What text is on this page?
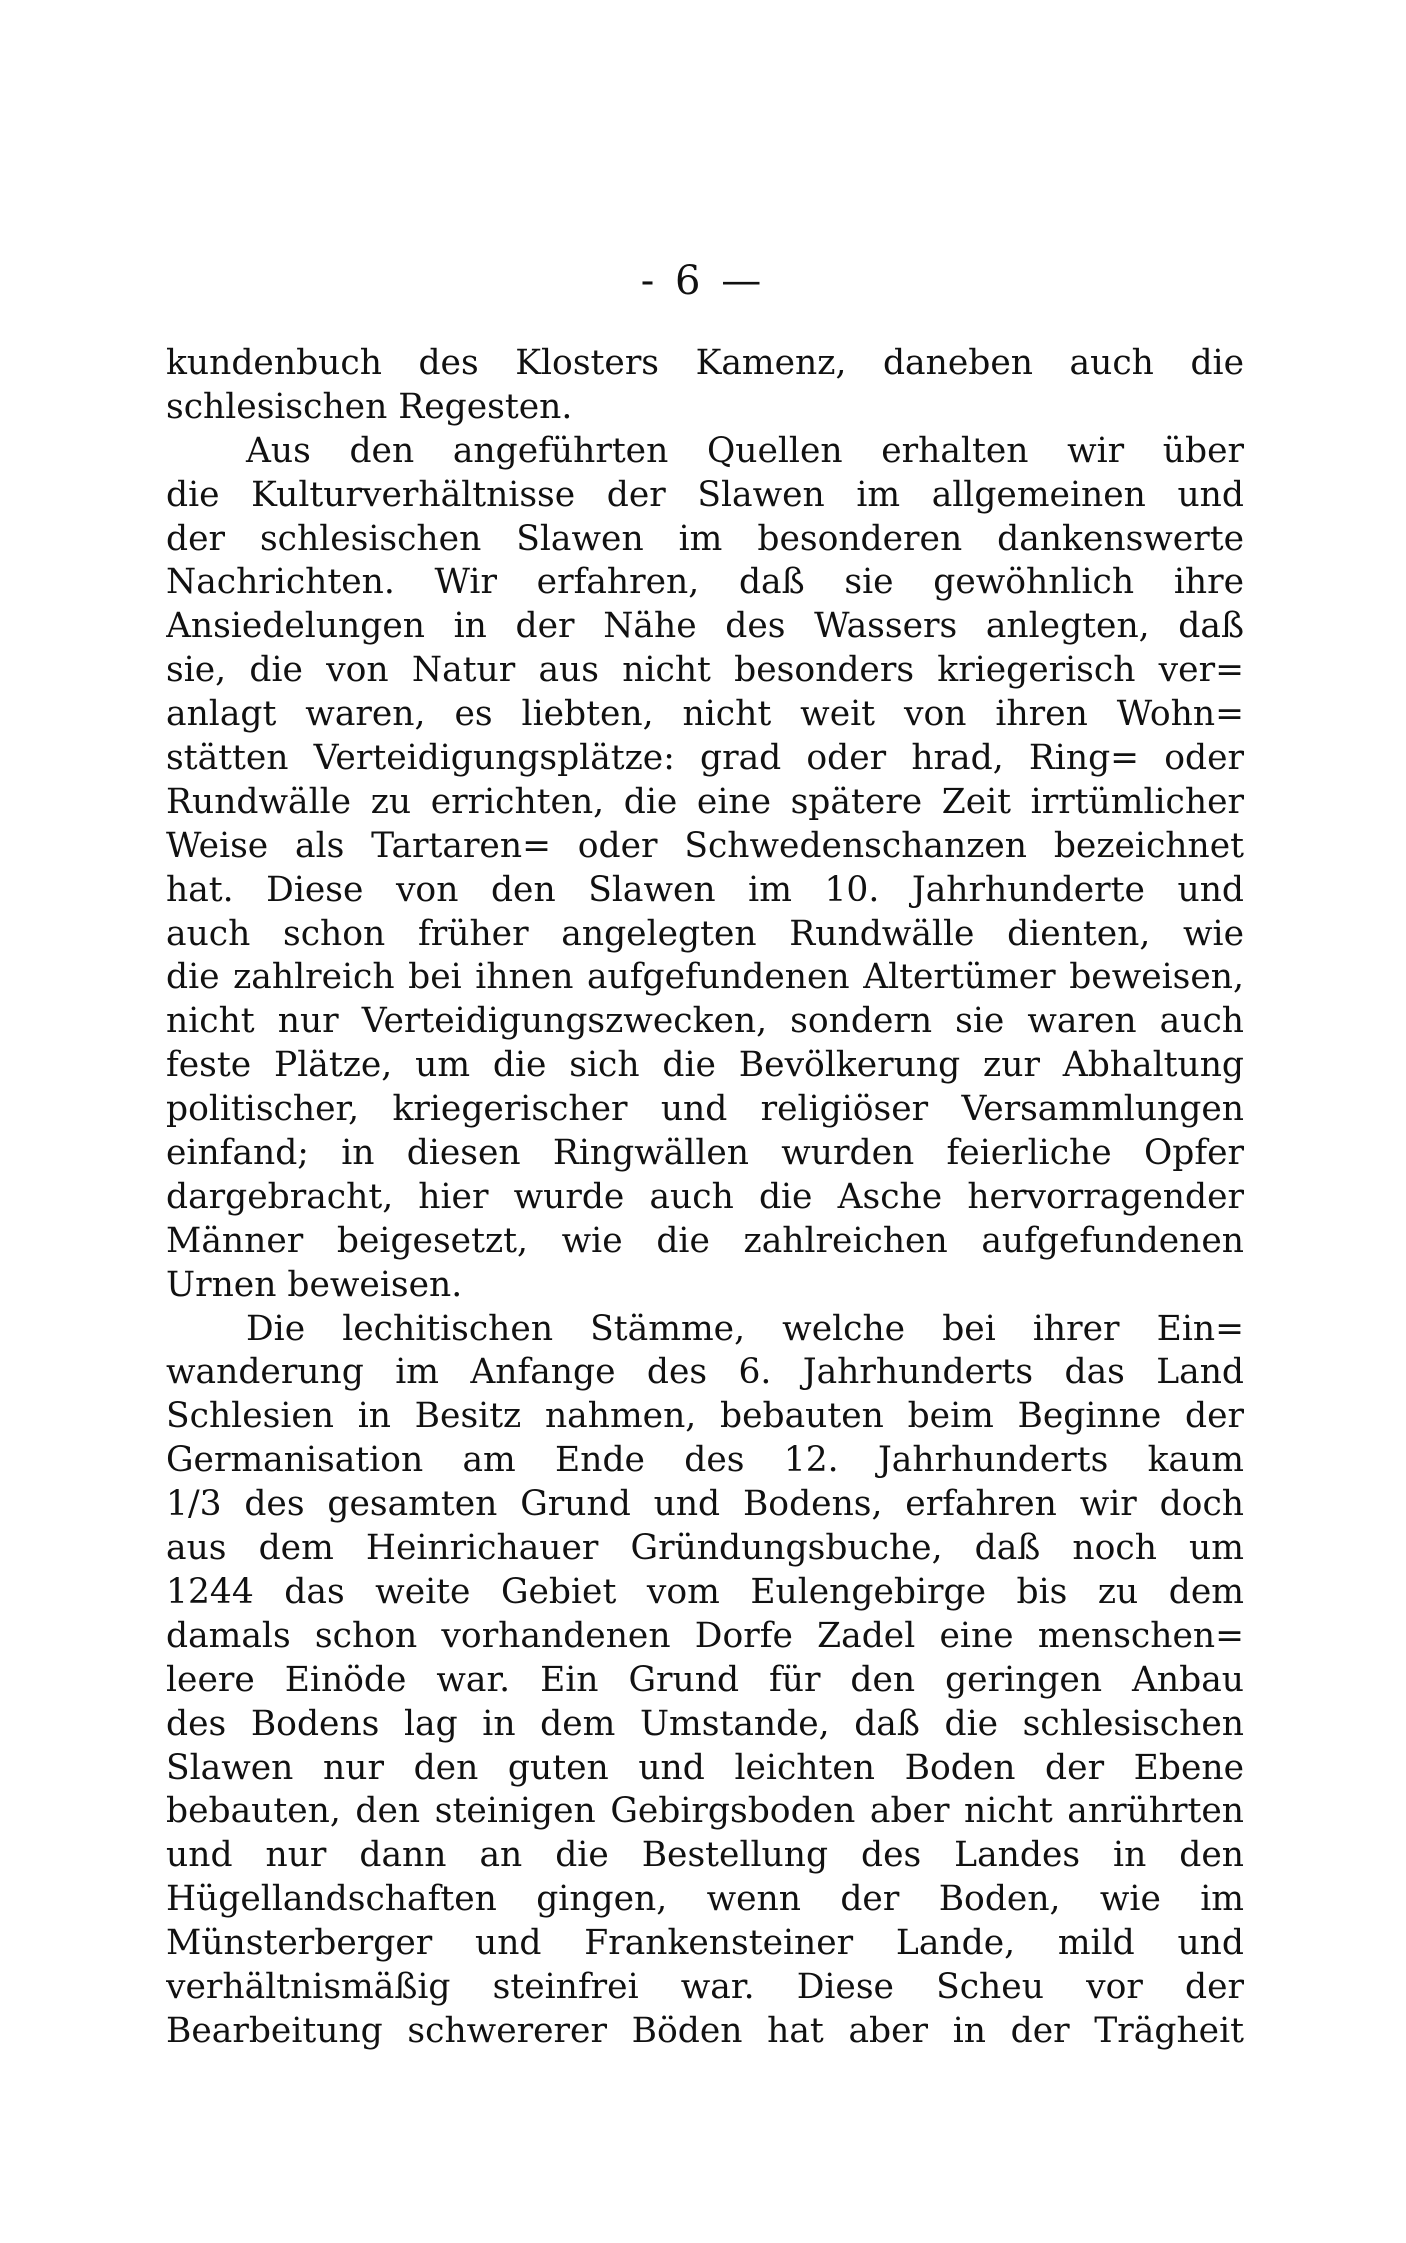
- 6 —
kundenbuch des Klosters Kamenz, daneben auch die
schlesischen Regesten.
Aus den angeführten Quellen erhalten wir über
die Kulturverhältnisse der Slawen im allgemeinen und
der schlesischen Slawen im besonderen dankenswerte
Nachrichten. Wir erfahren, daß sie gewöhnlich ihre
Ansiedelungen in der Nähe des Wassers anlegten, daß
sie, die von Natur aus nicht besonders kriegerisch ver=
anlagt waren, es liebten, nicht weit von ihren Wohn=
stätten Verteidigungsplätze: grad oder hrad, Ring= oder
Rundwälle zu errichten, die eine spätere Zeit irrtümlicher
Weise als Tartaren= oder Schwedenschanzen bezeichnet
hat. Diese von den Slawen im 10. Jahrhunderte und
auch schon früher angelegten Rundwälle dienten, wie
die zahlreich bei ihnen aufgefundenen Altertümer beweisen,
nicht nur Verteidigungszwecken, sondern sie waren auch
feste Plätze, um die sich die Bevölkerung zur Abhaltung
politischer, kriegerischer und religiöser Versammlungen
einfand; in diesen Ringwällen wurden feierliche Opfer
dargebracht, hier wurde auch die Asche hervorragender
Männer beigesetzt, wie die zahlreichen aufgefundenen
Urnen beweisen.
Die lechitischen Stämme, welche bei ihrer Ein=
wanderung im Anfange des 6. Jahrhunderts das Land
Schlesien in Besitz nahmen, bebauten beim Beginne der
Germanisation am Ende des 12. Jahrhunderts kaum
1/3 des gesamten Grund und Bodens, erfahren wir doch
aus dem Heinrichauer Gründungsbuche, daß noch um
1244 das weite Gebiet vom Eulengebirge bis zu dem
damals schon vorhandenen Dorfe Zadel eine menschen=
leere Einöde war. Ein Grund für den geringen Anbau
des Bodens lag in dem Umstande, daß die schlesischen
Slawen nur den guten und leichten Boden der Ebene
bebauten, den steinigen Gebirgsboden aber nicht anrührten
und nur dann an die Bestellung des Landes in den
Hügellandschaften gingen, wenn der Boden, wie im
Münsterberger und Frankensteiner Lande, mild und
verhältnismäßig steinfrei war. Diese Scheu vor der
Bearbeitung schwererer Böden hat aber in der Trägheit
